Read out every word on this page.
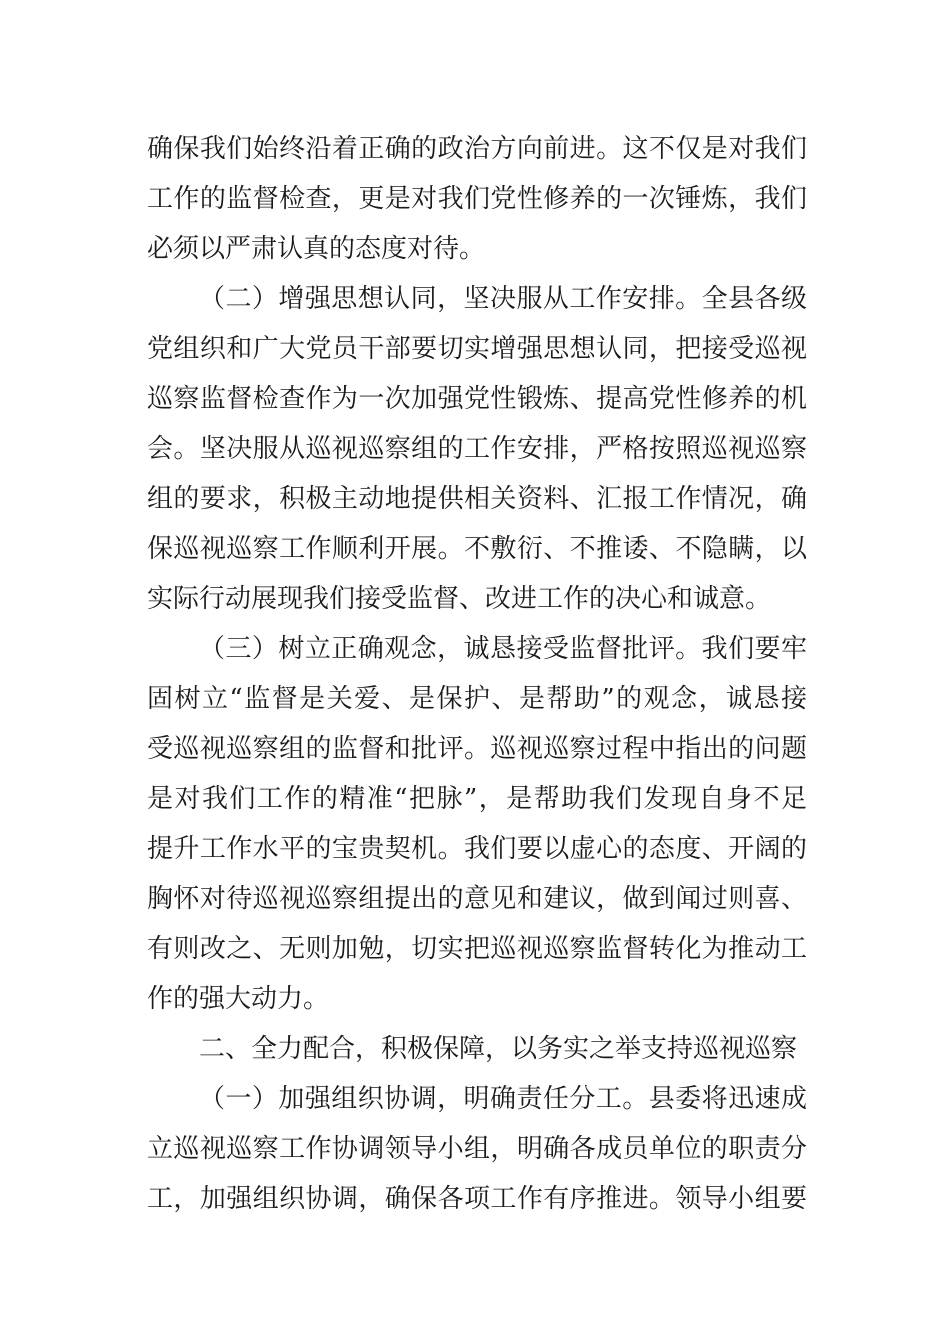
确保我们始终沿着正确的政治方向前进。这不仅是对我们
工作的监督检查，更是对我们党性修养的一次锤炼，我们
必须以严肃认真的态度对待。
（二）增强思想认同，坚决服从工作安排。全县各级
党组织和广大党员干部要切实增强思想认同，把接受巡视
巡察监督检查作为一次加强党性锻炼、提高党性修养的机
会。坚决服从巡视巡察组的工作安排，严格按照巡视巡察
组的要求，积极主动地提供相关资料、汇报工作情况，确
保巡视巡察工作顺利开展。不敷衍、不推诿、不隐瞒，以
实际行动展现我们接受监督、改进工作的决心和诚意。
（三）树立正确观念，诚恳接受监督批评。我们要牢
固树立“监督是关爱、是保护、是帮助”的观念，诚恳接
受巡视巡察组的监督和批评。巡视巡察过程中指出的问题
是对我们工作的精准“把脉”，是帮助我们发现自身不足
提升工作水平的宝贵契机。我们要以虚心的态度、开阔的
胸怀对待巡视巡察组提出的意见和建议，做到闻过则喜、
有则改之、无则加勉，切实把巡视巡察监督转化为推动工
作的强大动力。
二、全力配合，积极保障，以务实之举支持巡视巡察
（一）加强组织协调，明确责任分工。县委将迅速成
立巡视巡察工作协调领导小组，明确各成员单位的职责分
工，加强组织协调，确保各项工作有序推进。领导小组要
